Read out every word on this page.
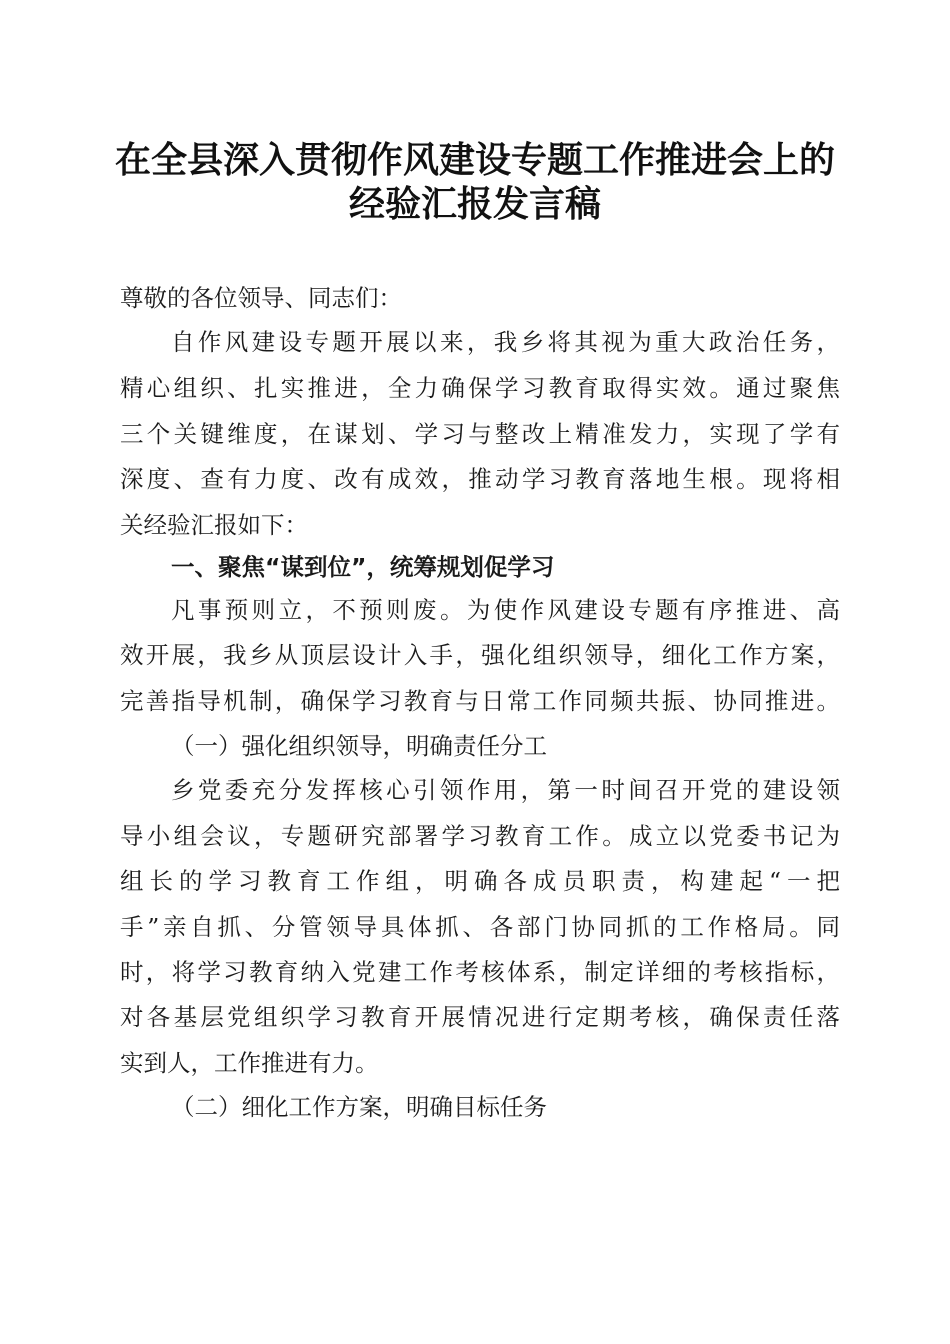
在全县深入贯彻作风建设专题工作推进会上的
经验汇报发言稿
尊敬的各位领导、同志们：
自作风建设专题开展以来，我乡将其视为重大政治任务，
精心组织、扎实推进，全力确保学习教育取得实效。通过聚焦
三个关键维度，在谋划、学习与整改上精准发力，实现了学有
深度、查有力度、改有成效，推动学习教育落地生根。现将相
关经验汇报如下：
一、聚焦“谋到位”，统筹规划促学习
凡事预则立，不预则废。为使作风建设专题有序推进、高
效开展，我乡从顶层设计入手，强化组织领导，细化工作方案，
完善指导机制，确保学习教育与日常工作同频共振、协同推进。
（一）强化组织领导，明确责任分工
乡党委充分发挥核心引领作用，第一时间召开党的建设领
导小组会议，专题研究部署学习教育工作。成立以党委书记为
组长的学习教育工作组，明确各成员职责，构建起“一把
手”亲自抓、分管领导具体抓、各部门协同抓的工作格局。同
时，将学习教育纳入党建工作考核体系，制定详细的考核指标，
对各基层党组织学习教育开展情况进行定期考核，确保责任落
实到人，工作推进有力。
（二）细化工作方案，明确目标任务
